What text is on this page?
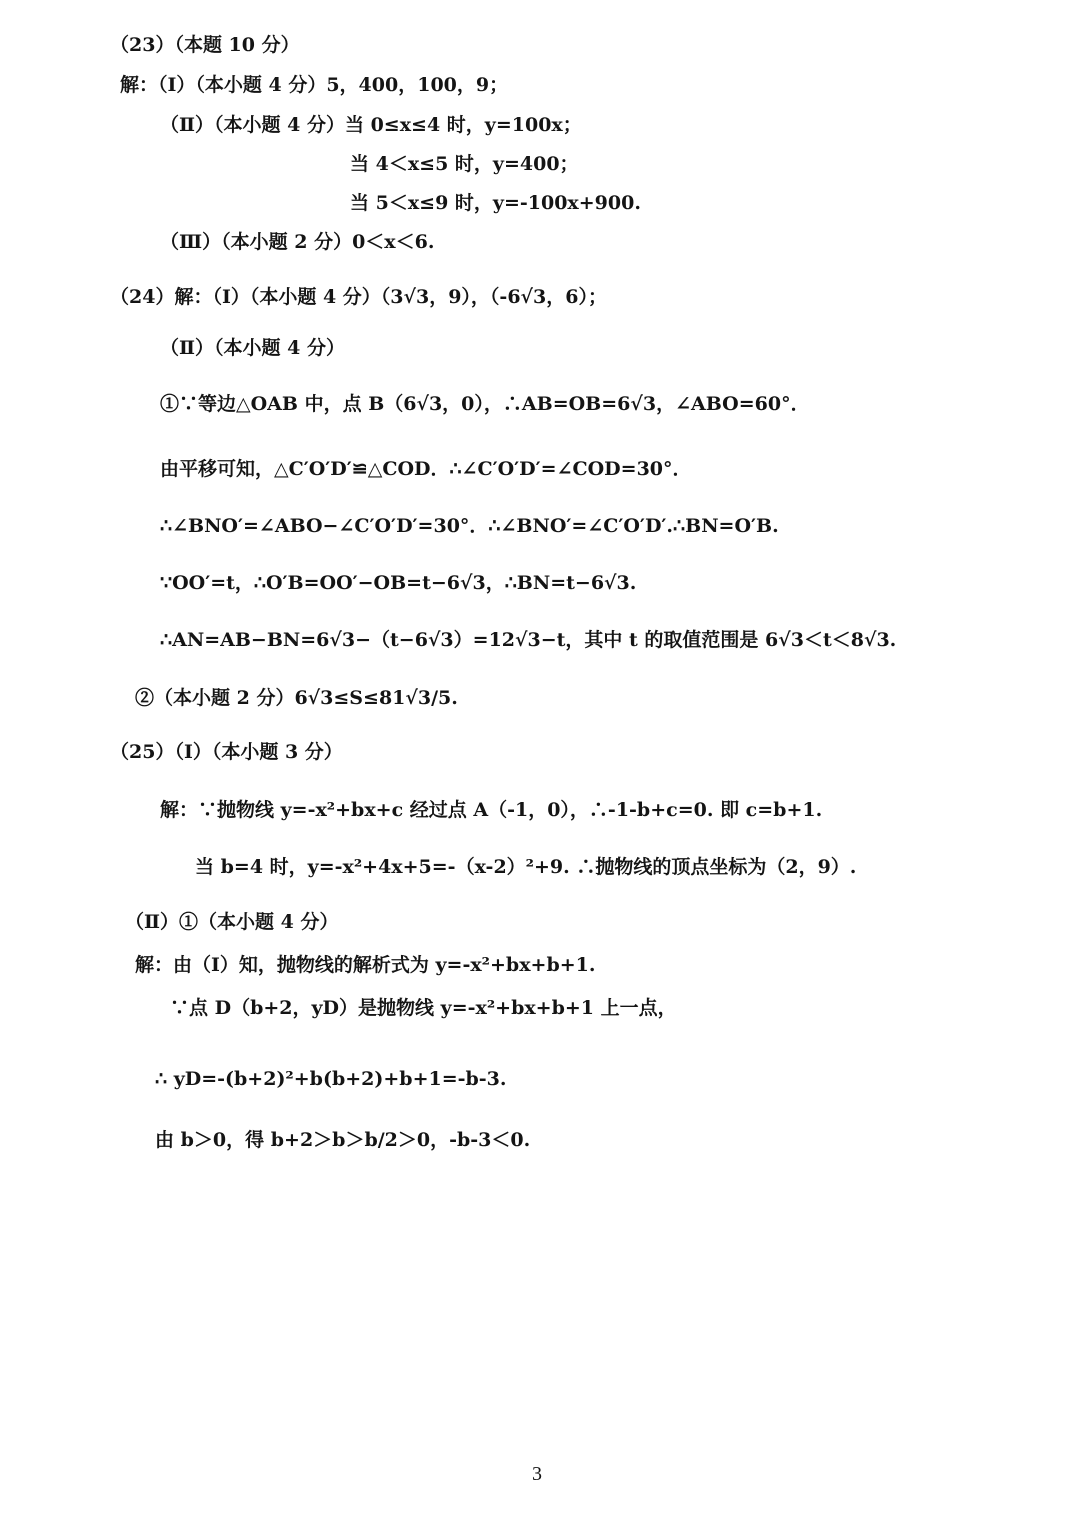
（23）（本题 10 分）
解：（Ⅰ）（本小题 4 分）5，400，100，9；
（Ⅱ）（本小题 4 分）当 0≤x≤4 时，y=100x；
当 4＜x≤5 时，y=400；
当 5＜x≤9 时，y=-100x+900.
（Ⅲ）（本小题 2 分）0＜x＜6.
（24）解：（Ⅰ）（本小题 4 分）（3√3，9），（-6√3，6）；
（Ⅱ）（本小题 4 分）
①∵等边△OAB 中，点 B（6√3，0），∴AB=OB=6√3，∠ABO=60°．
由平移可知，△C′O′D′≌△COD．∴∠C′O′D′=∠COD=30°．
∴∠BNO′=∠ABO−∠C′O′D′=30°．∴∠BNO′=∠C′O′D′.∴BN=O′B.
∵OO′=t，∴O′B=OO′−OB=t−6√3，∴BN=t−6√3.
∴AN=AB−BN=6√3−（t−6√3）=12√3−t，其中 t 的取值范围是 6√3＜t＜8√3.
②（本小题 2 分）6√3≤S≤81√3/5.
（25）（Ⅰ）（本小题 3 分）
解：∵抛物线 y=-x²+bx+c 经过点 A（-1，0），∴-1-b+c=0. 即 c=b+1.
当 b=4 时，y=-x²+4x+5=-（x-2）²+9. ∴抛物线的顶点坐标为（2，9）.
（Ⅱ）①（本小题 4 分）
解：由（Ⅰ）知，抛物线的解析式为 y=-x²+bx+b+1.
∵点 D（b+2，yD）是抛物线 y=-x²+bx+b+1 上一点，
∴ yD=-(b+2)²+b(b+2)+b+1=-b-3.
由 b＞0，得 b+2＞b＞b/2＞0，-b-3＜0.
3
